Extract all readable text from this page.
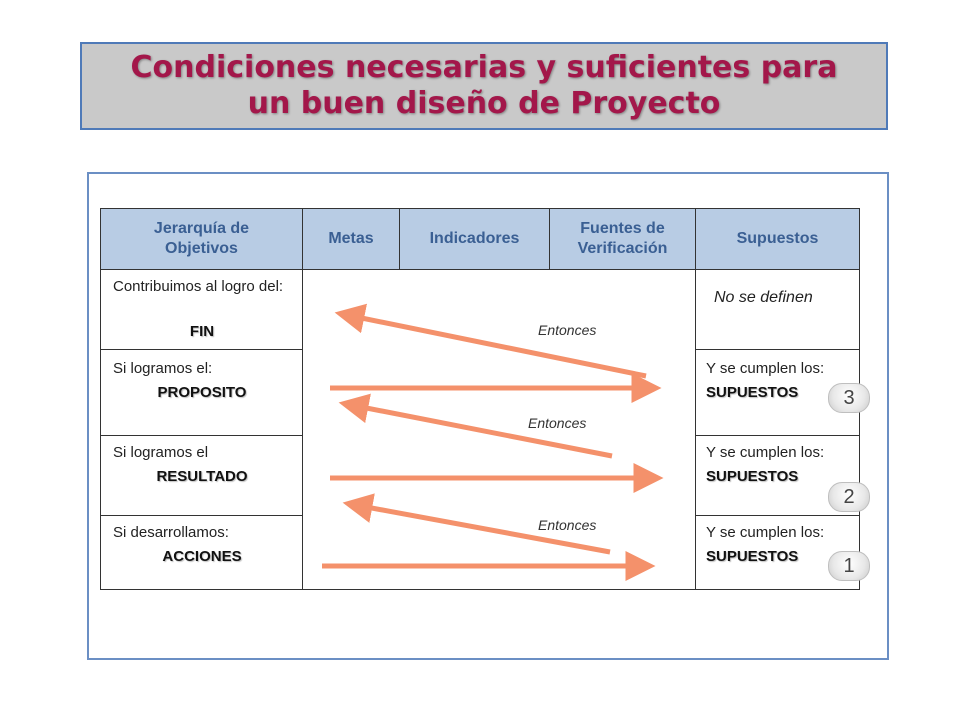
Condiciones necesarias y suficientes para
un buen diseño de Proyecto
Jerarquía de Objetivos
Metas	Indicadores
Fuentes de Verificación
Supuestos
Contribuimos al logro del:
FIN
Si logramos el:
PROPOSITO
Si logramos el
RESULTADO
Si desarrollamos:
ACCIONES
No se definen
Y se cumplen los:
SUPUESTOS
Y se cumplen los:
SUPUESTOS
Y se cumplen los:
SUPUESTOS
Entonces
Entonces
Entonces
3
2
1
